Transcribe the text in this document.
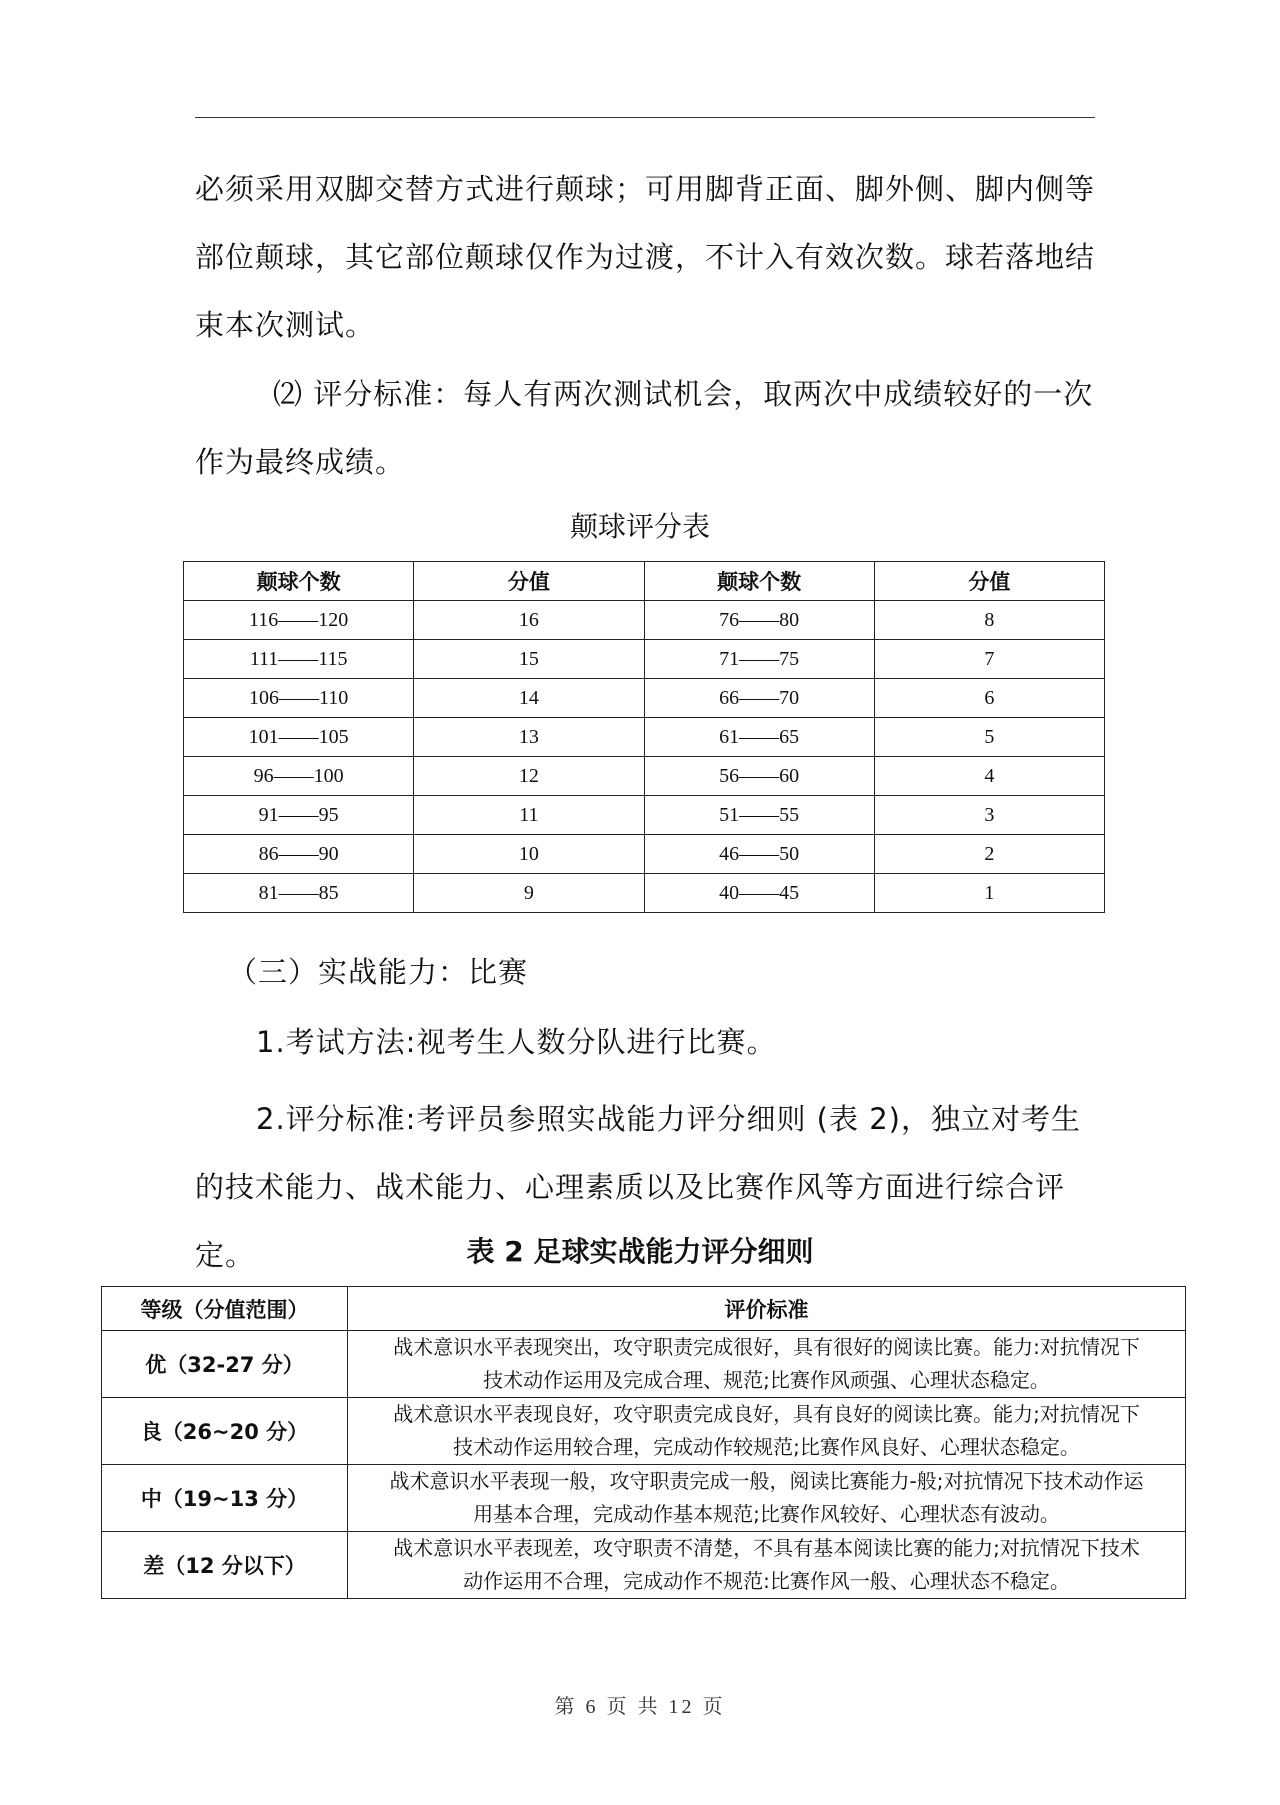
必须采用双脚交替方式进行颠球；可用脚背正面、脚外侧、脚内侧等部位颠球，其它部位颠球仅作为过渡，不计入有效次数。球若落地结束本次测试。

⑵ 评分标准：每人有两次测试机会，取两次中成绩较好的一次作为最终成绩。

颠球评分表

颠球个数	分值	颠球个数	分值
116——120	16	76——80	8
111——115	15	71——75	7
106——110	14	66——70	6
101——105	13	61——65	5
96——100	12	56——60	4
91——95	11	51——55	3
86——90	10	46——50	2
81——85	9	40——45	1

（三）实战能力：比赛

1.考试方法:视考生人数分队进行比赛。

2.评分标准:考评员参照实战能力评分细则 (表 2)，独立对考生的技术能力、战术能力、心理素质以及比赛作风等方面进行综合评定。	表 2 足球实战能力评分细则

等级（分值范围）	评价标准
优（32-27 分）	战术意识水平表现突出，攻守职责完成很好，具有很好的阅读比赛。能力:对抗情况下
技术动作运用及完成合理、规范;比赛作风顽强、心理状态稳定。

良（26~20 分）	战术意识水平表现良好，攻守职责完成良好，具有良好的阅读比赛。能力;对抗情况下
技术动作运用较合理，完成动作较规范;比赛作风良好、心理状态稳定。

中（19~13 分）	战术意识水平表现一般，攻守职责完成一般，阅读比赛能力-般;对抗情况下技术动作运
用基本合理，完成动作基本规范;比赛作风较好、心理状态有波动。

差（12 分以下）	战术意识水平表现差，攻守职责不清楚，不具有基本阅读比赛的能力;对抗情况下技术
动作运用不合理，完成动作不规范:比赛作风一般、心理状态不稳定。

第 6 页 共 12 页
